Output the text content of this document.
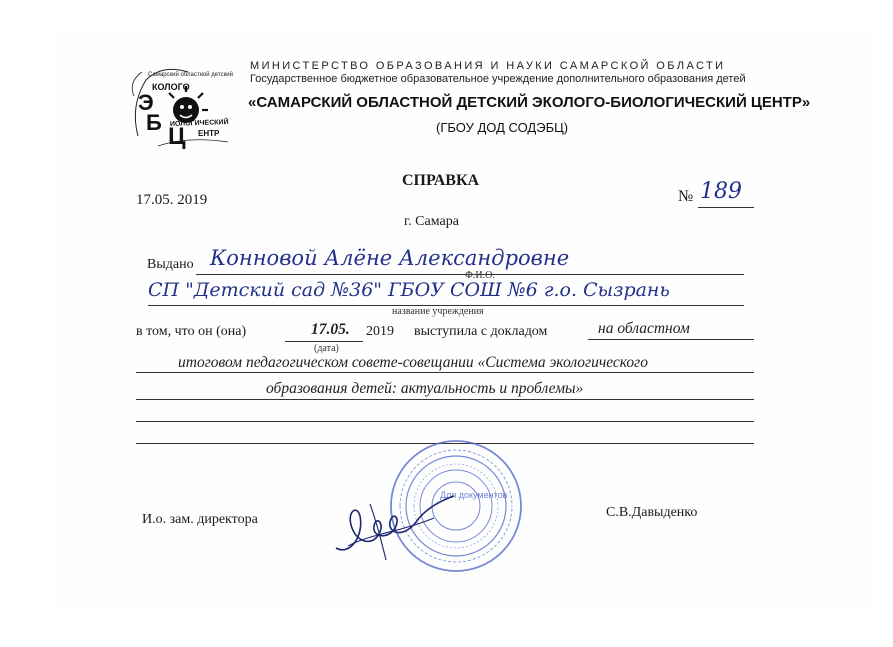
Э
Б
Ц
КОЛОГО
ЕНТР
ИОЛОГИЧЕСКИЙ
Самарский областной детский
МИНИСТЕРСТВО ОБРАЗОВАНИЯ И НАУКИ САМАРСКОЙ ОБЛАСТИ
Государственное бюджетное образовательное учреждение дополнительного образования детей
«САМАРСКИЙ ОБЛАСТНОЙ ДЕТСКИЙ ЭКОЛОГО-БИОЛОГИЧЕСКИЙ ЦЕНТР»
(ГБОУ ДОД СОДЭБЦ)
СПРАВКА
17.05. 2019	№ 189
г. Самара
Выдано Конновой Алёне Александровне
Ф.И.О.
СП "Детский сад №36" ГБОУ СОШ №6 г.о. Сызрань
название учреждения
в том, что он (она)	17.05. 2019
(дата)
выступила с докладом	на областном
итоговом педагогическом совете-совещании «Система экологического
образования детей: актуальность и проблемы»
И.о. зам. директора	С.В.Давыденко
Для документов
